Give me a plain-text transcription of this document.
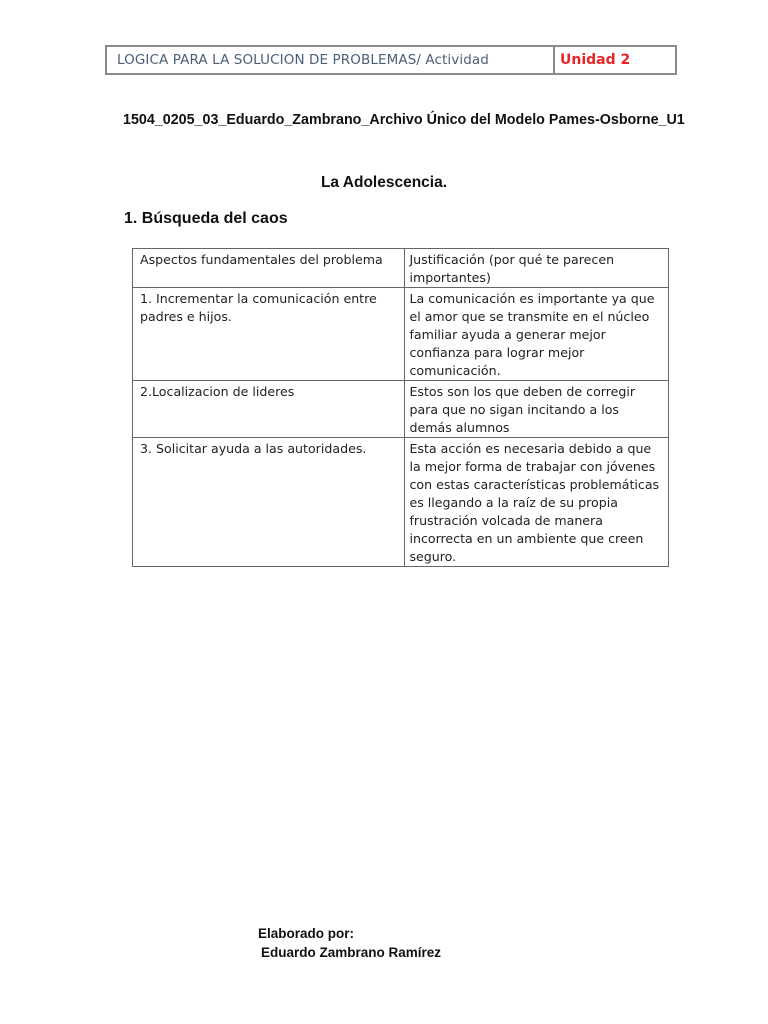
LOGICA PARA LA SOLUCION DE PROBLEMAS/ Actividad	Unidad 2
1504_0205_03_Eduardo_Zambrano_Archivo Único del Modelo Pames-Osborne_U1
La Adolescencia.
1. Búsqueda del caos
Aspectos fundamentales del problema	Justificación (por qué te parecen importantes)
1. Incrementar la comunicación entre padres e hijos.	La comunicación es importante ya que el amor que se transmite en el núcleo familiar ayuda a generar mejor confianza para lograr mejor comunicación.
2.Localizacion de lideres	Estos son los que deben de corregir para que no sigan incitando a los demás alumnos
3. Solicitar ayuda a las autoridades.	Esta acción es necesaria debido a que la mejor forma de trabajar con jóvenes con estas características problemáticas es llegando a la raíz de su propia frustración volcada de manera incorrecta en un ambiente que creen seguro.
Elaborado por:
Eduardo Zambrano Ramírez
